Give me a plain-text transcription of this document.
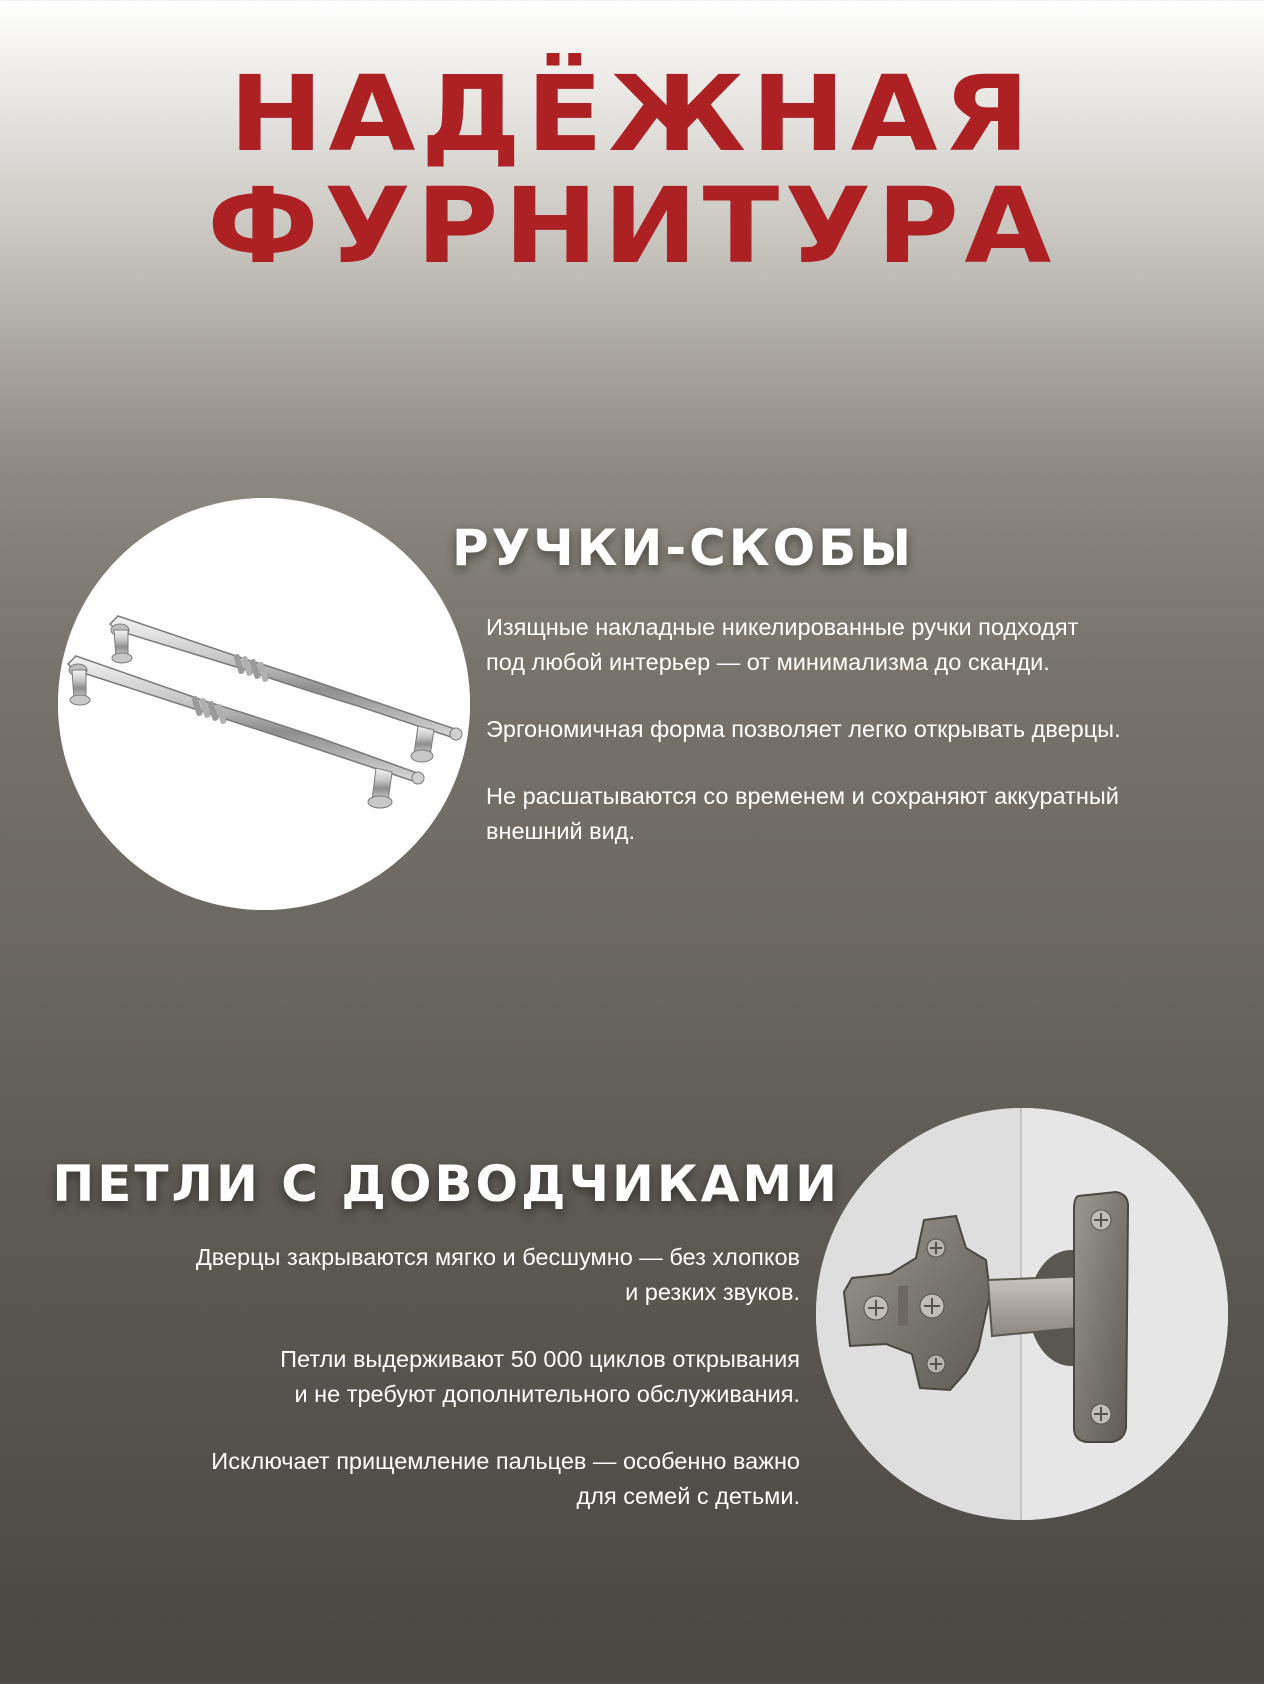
НАДЁЖНАЯ
ФУРНИТУРА
РУЧКИ-СКОБЫ

Изящные накладные никелированные ручки подходят
под любой интерьер — от минимализма до сканди.

Эргономичная форма позволяет легко открывать дверцы.

Не расшатываются со временем и сохраняют аккуратный
внешний вид.

ПЕТЛИ С ДОВОДЧИКАМИ

Дверцы закрываются мягко и бесшумно — без хлопков
и резких звуков.

Петли выдерживают 50 000 циклов открывания
и не требуют дополнительного обслуживания.

Исключает прищемление пальцев — особенно важно
для семей с детьми.
